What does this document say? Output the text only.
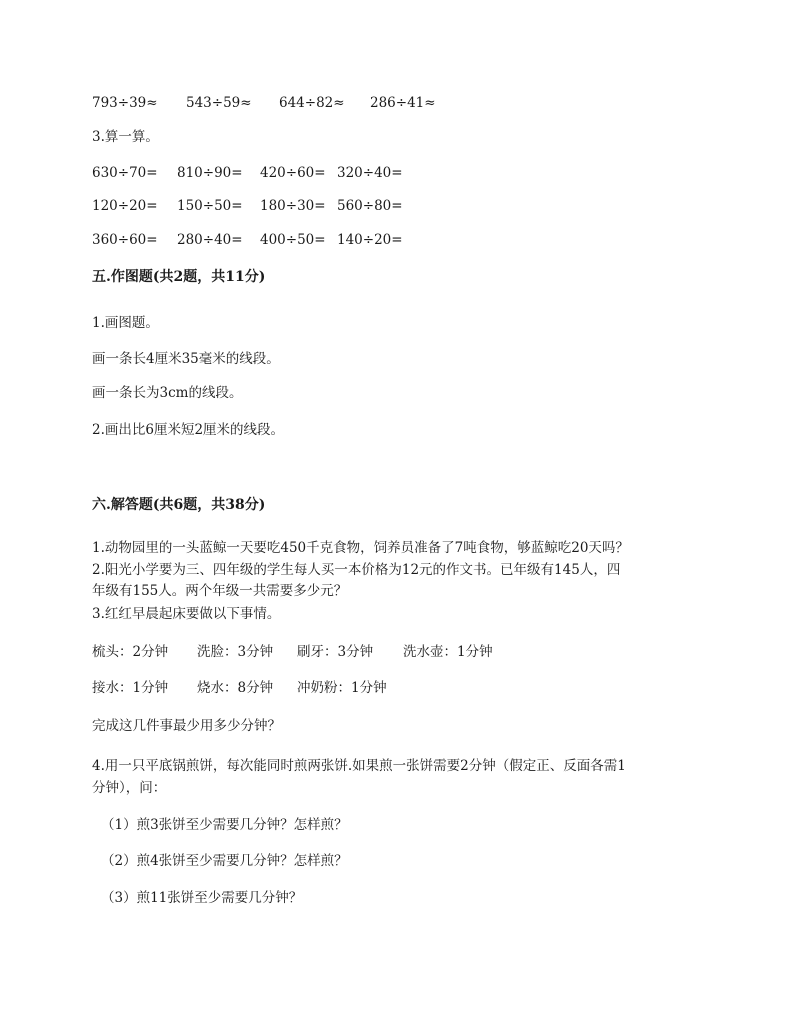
793÷39≈ 543÷59≈ 644÷82≈ 286÷41≈
3.算一算。
630÷70= 810÷90= 420÷60= 320÷40=
120÷20= 150÷50= 180÷30= 560÷80=
360÷60= 280÷40= 400÷50= 140÷20=
五.作图题(共2题，共11分)
1.画图题。
画一条长4厘米35毫米的线段。
画一条长为3cm的线段。
2.画出比6厘米短2厘米的线段。
六.解答题(共6题，共38分)
1.动物园里的一头蓝鲸一天要吃450千克食物，饲养员准备了7吨食物，够蓝鲸吃20天吗？
2.阳光小学要为三、四年级的学生每人买一本价格为12元的作文书。已年级有145人，四
年级有155人。两个年级一共需要多少元？
3.红红早晨起床要做以下事情。
梳头：2分钟 洗脸：3分钟 刷牙：3分钟 洗水壶：1分钟
接水：1分钟 烧水：8分钟 冲奶粉：1分钟
完成这几件事最少用多少分钟？
4.用一只平底锅煎饼，每次能同时煎两张饼.如果煎一张饼需要2分钟（假定正、反面各需1
分钟），问：
（1）煎3张饼至少需要几分钟？怎样煎？
（2）煎4张饼至少需要几分钟？怎样煎？
（3）煎11张饼至少需要几分钟？
